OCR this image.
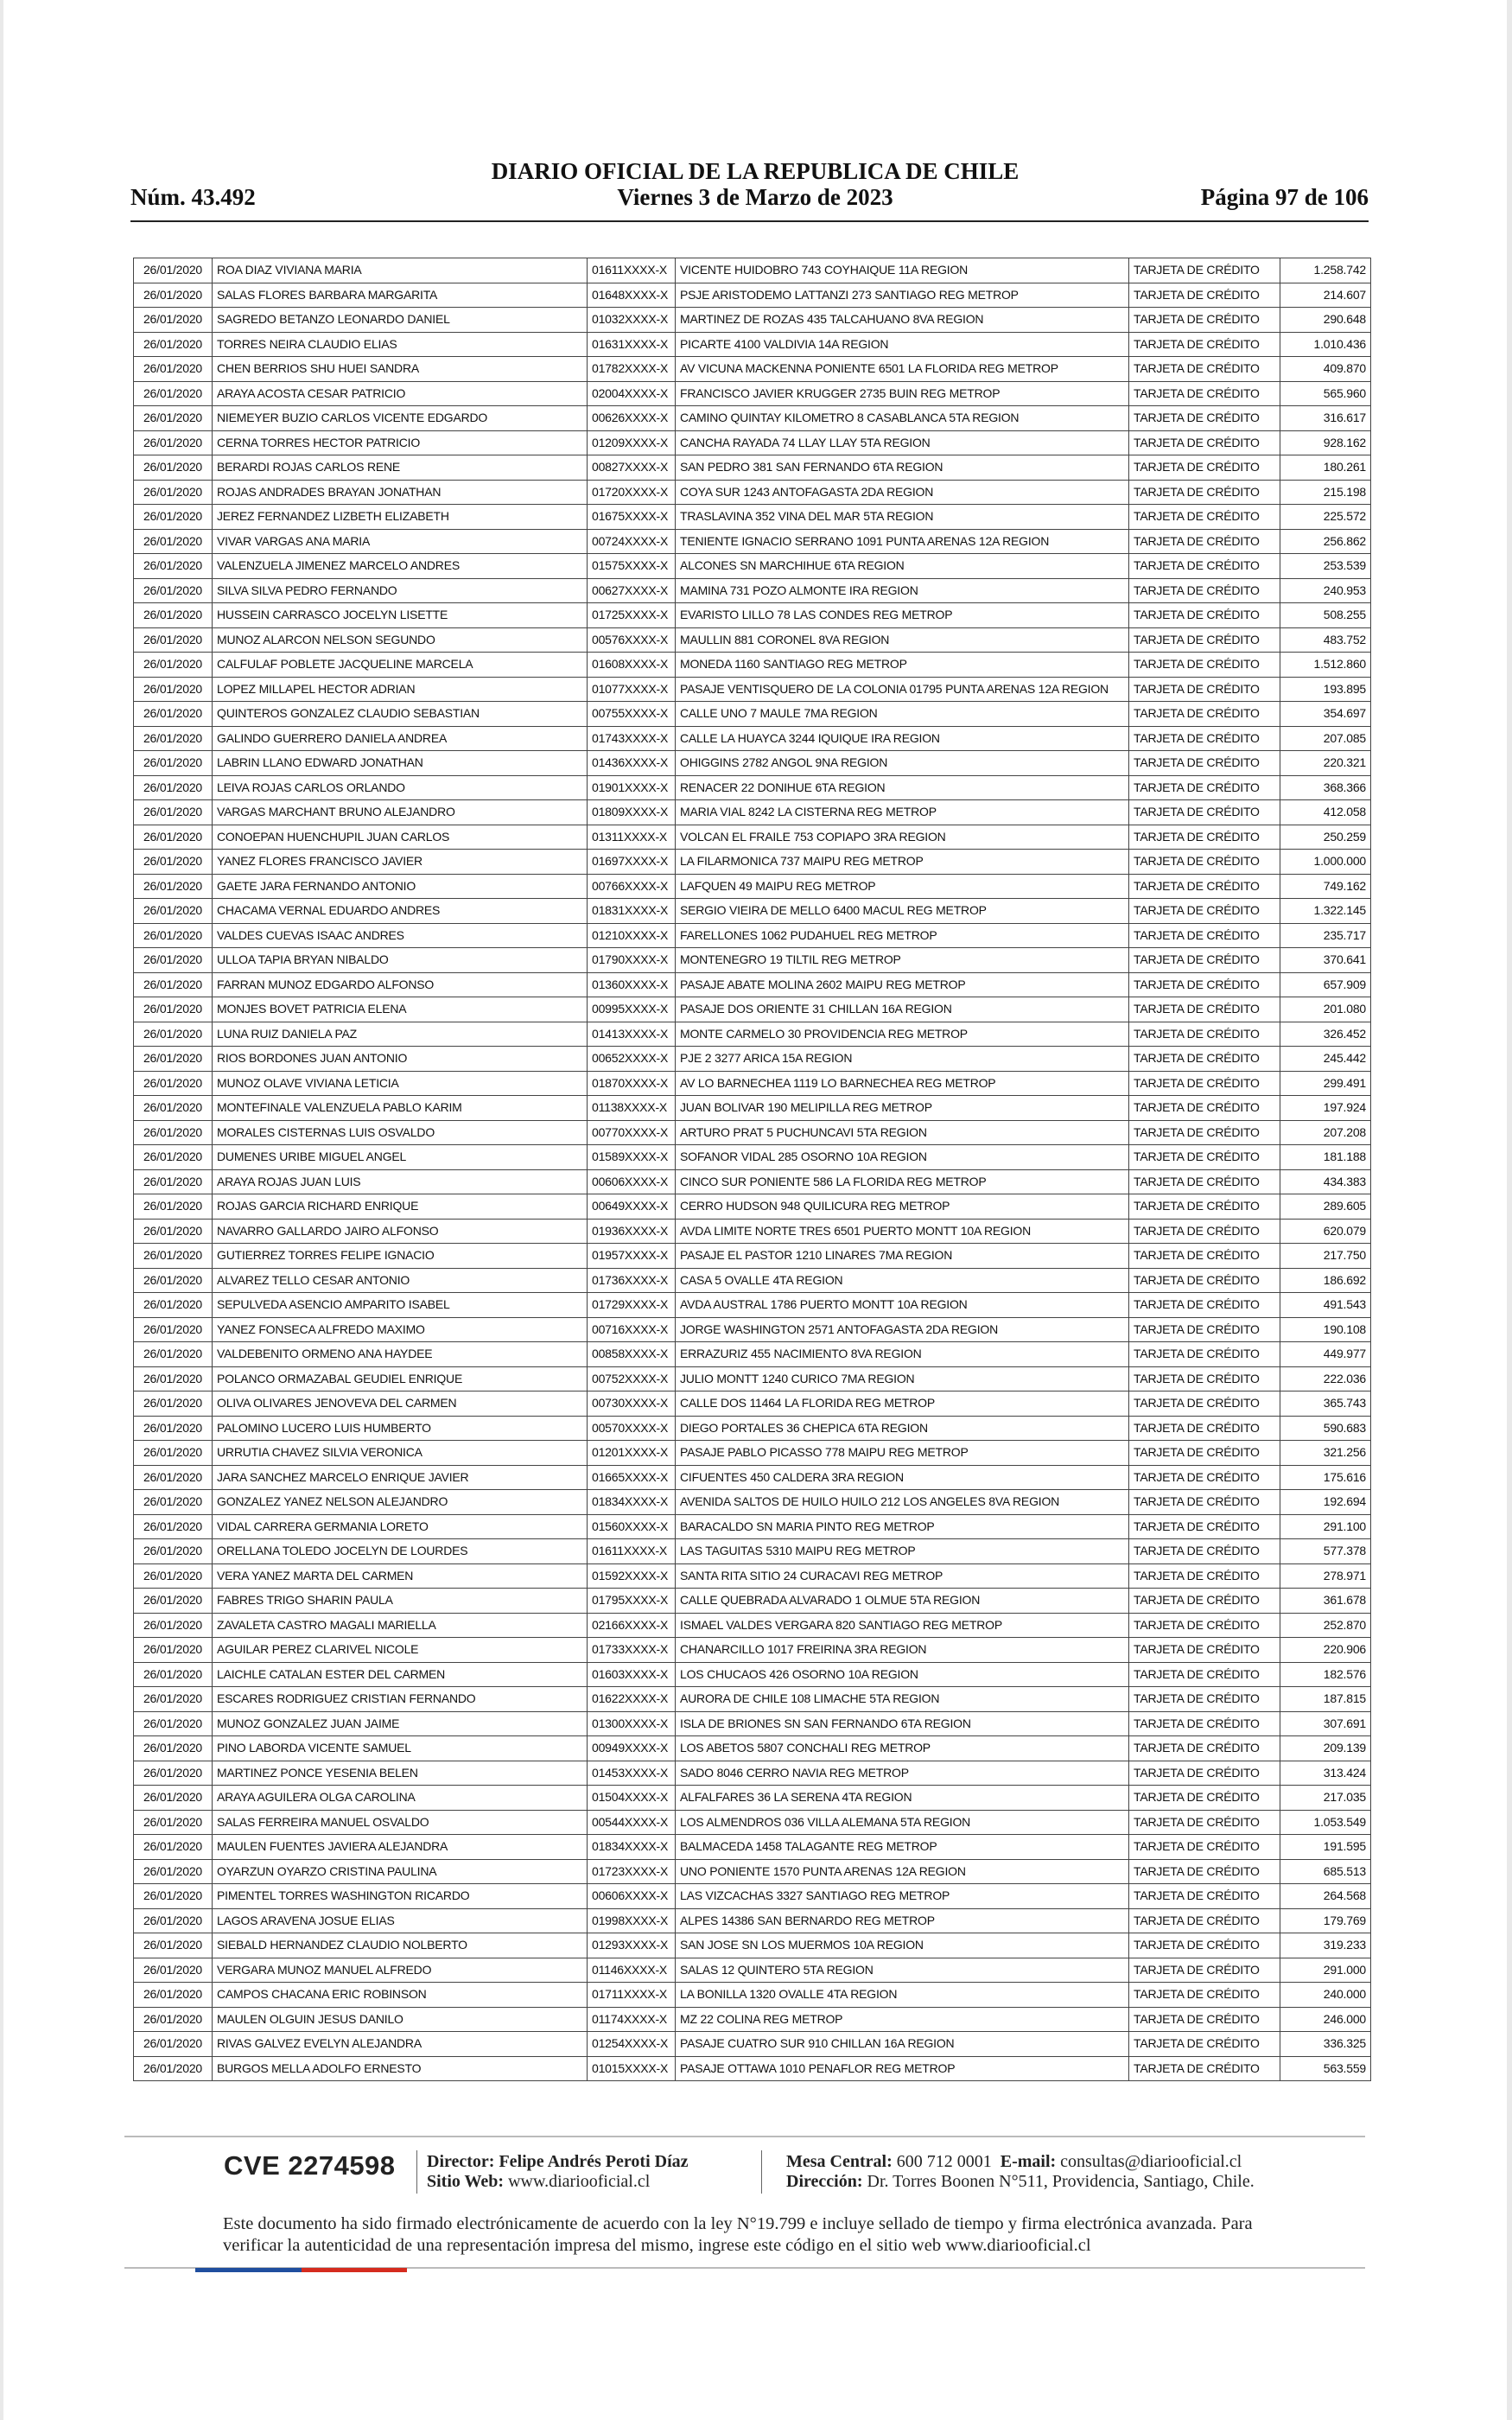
DIARIO OFICIAL DE LA REPUBLICA DE CHILE
Núm. 43.492	Viernes 3 de Marzo de 2023	Página 97 de 106
26/01/2020	ROA DIAZ VIVIANA MARIA	01611XXXX-X	VICENTE HUIDOBRO 743 COYHAIQUE 11A REGION	TARJETA DE CRÉDITO	1.258.742
26/01/2020	SALAS FLORES BARBARA MARGARITA	01648XXXX-X	PSJE ARISTODEMO LATTANZI 273 SANTIAGO REG METROP	TARJETA DE CRÉDITO	214.607
26/01/2020	SAGREDO BETANZO LEONARDO DANIEL	01032XXXX-X	MARTINEZ DE ROZAS 435 TALCAHUANO 8VA REGION	TARJETA DE CRÉDITO	290.648
26/01/2020	TORRES NEIRA CLAUDIO ELIAS	01631XXXX-X	PICARTE 4100 VALDIVIA 14A REGION	TARJETA DE CRÉDITO	1.010.436
26/01/2020	CHEN BERRIOS SHU HUEI SANDRA	01782XXXX-X	AV VICUNA MACKENNA PONIENTE 6501 LA FLORIDA REG METROP	TARJETA DE CRÉDITO	409.870
26/01/2020	ARAYA ACOSTA CESAR PATRICIO	02004XXXX-X	FRANCISCO JAVIER KRUGGER 2735 BUIN REG METROP	TARJETA DE CRÉDITO	565.960
26/01/2020	NIEMEYER BUZIO CARLOS VICENTE EDGARDO	00626XXXX-X	CAMINO QUINTAY KILOMETRO 8 CASABLANCA 5TA REGION	TARJETA DE CRÉDITO	316.617
26/01/2020	CERNA TORRES HECTOR PATRICIO	01209XXXX-X	CANCHA RAYADA 74 LLAY LLAY 5TA REGION	TARJETA DE CRÉDITO	928.162
26/01/2020	BERARDI ROJAS CARLOS RENE	00827XXXX-X	SAN PEDRO 381 SAN FERNANDO 6TA REGION	TARJETA DE CRÉDITO	180.261
26/01/2020	ROJAS ANDRADES BRAYAN JONATHAN	01720XXXX-X	COYA SUR 1243 ANTOFAGASTA 2DA REGION	TARJETA DE CRÉDITO	215.198
26/01/2020	JEREZ FERNANDEZ LIZBETH ELIZABETH	01675XXXX-X	TRASLAVINA 352 VINA DEL MAR 5TA REGION	TARJETA DE CRÉDITO	225.572
26/01/2020	VIVAR VARGAS ANA MARIA	00724XXXX-X	TENIENTE IGNACIO SERRANO 1091 PUNTA ARENAS 12A REGION	TARJETA DE CRÉDITO	256.862
26/01/2020	VALENZUELA JIMENEZ MARCELO ANDRES	01575XXXX-X	ALCONES SN MARCHIHUE 6TA REGION	TARJETA DE CRÉDITO	253.539
26/01/2020	SILVA SILVA PEDRO FERNANDO	00627XXXX-X	MAMINA 731 POZO ALMONTE IRA REGION	TARJETA DE CRÉDITO	240.953
26/01/2020	HUSSEIN CARRASCO JOCELYN LISETTE	01725XXXX-X	EVARISTO LILLO 78 LAS CONDES REG METROP	TARJETA DE CRÉDITO	508.255
26/01/2020	MUNOZ ALARCON NELSON SEGUNDO	00576XXXX-X	MAULLIN 881 CORONEL 8VA REGION	TARJETA DE CRÉDITO	483.752
26/01/2020	CALFULAF POBLETE JACQUELINE MARCELA	01608XXXX-X	MONEDA 1160 SANTIAGO REG METROP	TARJETA DE CRÉDITO	1.512.860
26/01/2020	LOPEZ MILLAPEL HECTOR ADRIAN	01077XXXX-X	PASAJE VENTISQUERO DE LA COLONIA 01795 PUNTA ARENAS 12A REGION	TARJETA DE CRÉDITO	193.895
26/01/2020	QUINTEROS GONZALEZ CLAUDIO SEBASTIAN	00755XXXX-X	CALLE UNO 7 MAULE 7MA REGION	TARJETA DE CRÉDITO	354.697
26/01/2020	GALINDO GUERRERO DANIELA ANDREA	01743XXXX-X	CALLE LA HUAYCA 3244 IQUIQUE IRA REGION	TARJETA DE CRÉDITO	207.085
26/01/2020	LABRIN LLANO EDWARD JONATHAN	01436XXXX-X	OHIGGINS 2782 ANGOL 9NA REGION	TARJETA DE CRÉDITO	220.321
26/01/2020	LEIVA ROJAS CARLOS ORLANDO	01901XXXX-X	RENACER 22 DONIHUE 6TA REGION	TARJETA DE CRÉDITO	368.366
26/01/2020	VARGAS MARCHANT BRUNO ALEJANDRO	01809XXXX-X	MARIA VIAL 8242 LA CISTERNA REG METROP	TARJETA DE CRÉDITO	412.058
26/01/2020	CONOEPAN HUENCHUPIL JUAN CARLOS	01311XXXX-X	VOLCAN EL FRAILE 753 COPIAPO 3RA REGION	TARJETA DE CRÉDITO	250.259
26/01/2020	YANEZ FLORES FRANCISCO JAVIER	01697XXXX-X	LA FILARMONICA 737 MAIPU REG METROP	TARJETA DE CRÉDITO	1.000.000
26/01/2020	GAETE JARA FERNANDO ANTONIO	00766XXXX-X	LAFQUEN 49 MAIPU REG METROP	TARJETA DE CRÉDITO	749.162
26/01/2020	CHACAMA VERNAL EDUARDO ANDRES	01831XXXX-X	SERGIO VIEIRA DE MELLO 6400 MACUL REG METROP	TARJETA DE CRÉDITO	1.322.145
26/01/2020	VALDES CUEVAS ISAAC ANDRES	01210XXXX-X	FARELLONES 1062 PUDAHUEL REG METROP	TARJETA DE CRÉDITO	235.717
26/01/2020	ULLOA TAPIA BRYAN NIBALDO	01790XXXX-X	MONTENEGRO 19 TILTIL REG METROP	TARJETA DE CRÉDITO	370.641
26/01/2020	FARRAN MUNOZ EDGARDO ALFONSO	01360XXXX-X	PASAJE ABATE MOLINA 2602 MAIPU REG METROP	TARJETA DE CRÉDITO	657.909
26/01/2020	MONJES BOVET PATRICIA ELENA	00995XXXX-X	PASAJE DOS ORIENTE 31 CHILLAN 16A REGION	TARJETA DE CRÉDITO	201.080
26/01/2020	LUNA RUIZ DANIELA PAZ	01413XXXX-X	MONTE CARMELO 30 PROVIDENCIA REG METROP	TARJETA DE CRÉDITO	326.452
26/01/2020	RIOS BORDONES JUAN ANTONIO	00652XXXX-X	PJE 2 3277 ARICA 15A REGION	TARJETA DE CRÉDITO	245.442
26/01/2020	MUNOZ OLAVE VIVIANA LETICIA	01870XXXX-X	AV LO BARNECHEA 1119 LO BARNECHEA REG METROP	TARJETA DE CRÉDITO	299.491
26/01/2020	MONTEFINALE VALENZUELA PABLO KARIM	01138XXXX-X	JUAN BOLIVAR 190 MELIPILLA REG METROP	TARJETA DE CRÉDITO	197.924
26/01/2020	MORALES CISTERNAS LUIS OSVALDO	00770XXXX-X	ARTURO PRAT 5 PUCHUNCAVI 5TA REGION	TARJETA DE CRÉDITO	207.208
26/01/2020	DUMENES URIBE MIGUEL ANGEL	01589XXXX-X	SOFANOR VIDAL 285 OSORNO 10A REGION	TARJETA DE CRÉDITO	181.188
26/01/2020	ARAYA ROJAS JUAN LUIS	00606XXXX-X	CINCO SUR PONIENTE 586 LA FLORIDA REG METROP	TARJETA DE CRÉDITO	434.383
26/01/2020	ROJAS GARCIA RICHARD ENRIQUE	00649XXXX-X	CERRO HUDSON 948 QUILICURA REG METROP	TARJETA DE CRÉDITO	289.605
26/01/2020	NAVARRO GALLARDO JAIRO ALFONSO	01936XXXX-X	AVDA LIMITE NORTE TRES 6501 PUERTO MONTT 10A REGION	TARJETA DE CRÉDITO	620.079
26/01/2020	GUTIERREZ TORRES FELIPE IGNACIO	01957XXXX-X	PASAJE EL PASTOR 1210 LINARES 7MA REGION	TARJETA DE CRÉDITO	217.750
26/01/2020	ALVAREZ TELLO CESAR ANTONIO	01736XXXX-X	CASA 5 OVALLE 4TA REGION	TARJETA DE CRÉDITO	186.692
26/01/2020	SEPULVEDA ASENCIO AMPARITO ISABEL	01729XXXX-X	AVDA AUSTRAL 1786 PUERTO MONTT 10A REGION	TARJETA DE CRÉDITO	491.543
26/01/2020	YANEZ FONSECA ALFREDO MAXIMO	00716XXXX-X	JORGE WASHINGTON 2571 ANTOFAGASTA 2DA REGION	TARJETA DE CRÉDITO	190.108
26/01/2020	VALDEBENITO ORMENO ANA HAYDEE	00858XXXX-X	ERRAZURIZ 455 NACIMIENTO 8VA REGION	TARJETA DE CRÉDITO	449.977
26/01/2020	POLANCO ORMAZABAL GEUDIEL ENRIQUE	00752XXXX-X	JULIO MONTT 1240 CURICO 7MA REGION	TARJETA DE CRÉDITO	222.036
26/01/2020	OLIVA OLIVARES JENOVEVA DEL CARMEN	00730XXXX-X	CALLE DOS 11464 LA FLORIDA REG METROP	TARJETA DE CRÉDITO	365.743
26/01/2020	PALOMINO LUCERO LUIS HUMBERTO	00570XXXX-X	DIEGO PORTALES 36 CHEPICA 6TA REGION	TARJETA DE CRÉDITO	590.683
26/01/2020	URRUTIA CHAVEZ SILVIA VERONICA	01201XXXX-X	PASAJE PABLO PICASSO 778 MAIPU REG METROP	TARJETA DE CRÉDITO	321.256
26/01/2020	JARA SANCHEZ MARCELO ENRIQUE JAVIER	01665XXXX-X	CIFUENTES 450 CALDERA 3RA REGION	TARJETA DE CRÉDITO	175.616
26/01/2020	GONZALEZ YANEZ NELSON ALEJANDRO	01834XXXX-X	AVENIDA SALTOS DE HUILO HUILO 212 LOS ANGELES 8VA REGION	TARJETA DE CRÉDITO	192.694
26/01/2020	VIDAL CARRERA GERMANIA LORETO	01560XXXX-X	BARACALDO SN MARIA PINTO REG METROP	TARJETA DE CRÉDITO	291.100
26/01/2020	ORELLANA TOLEDO JOCELYN DE LOURDES	01611XXXX-X	LAS TAGUITAS 5310 MAIPU REG METROP	TARJETA DE CRÉDITO	577.378
26/01/2020	VERA YANEZ MARTA DEL CARMEN	01592XXXX-X	SANTA RITA SITIO 24 CURACAVI REG METROP	TARJETA DE CRÉDITO	278.971
26/01/2020	FABRES TRIGO SHARIN PAULA	01795XXXX-X	CALLE QUEBRADA ALVARADO 1 OLMUE 5TA REGION	TARJETA DE CRÉDITO	361.678
26/01/2020	ZAVALETA CASTRO MAGALI MARIELLA	02166XXXX-X	ISMAEL VALDES VERGARA 820 SANTIAGO REG METROP	TARJETA DE CRÉDITO	252.870
26/01/2020	AGUILAR PEREZ CLARIVEL NICOLE	01733XXXX-X	CHANARCILLO 1017 FREIRINA 3RA REGION	TARJETA DE CRÉDITO	220.906
26/01/2020	LAICHLE CATALAN ESTER DEL CARMEN	01603XXXX-X	LOS CHUCAOS 426 OSORNO 10A REGION	TARJETA DE CRÉDITO	182.576
26/01/2020	ESCARES RODRIGUEZ CRISTIAN FERNANDO	01622XXXX-X	AURORA DE CHILE 108 LIMACHE 5TA REGION	TARJETA DE CRÉDITO	187.815
26/01/2020	MUNOZ GONZALEZ JUAN JAIME	01300XXXX-X	ISLA DE BRIONES SN SAN FERNANDO 6TA REGION	TARJETA DE CRÉDITO	307.691
26/01/2020	PINO LABORDA VICENTE SAMUEL	00949XXXX-X	LOS ABETOS 5807 CONCHALI REG METROP	TARJETA DE CRÉDITO	209.139
26/01/2020	MARTINEZ PONCE YESENIA BELEN	01453XXXX-X	SADO 8046 CERRO NAVIA REG METROP	TARJETA DE CRÉDITO	313.424
26/01/2020	ARAYA AGUILERA OLGA CAROLINA	01504XXXX-X	ALFALFARES 36 LA SERENA 4TA REGION	TARJETA DE CRÉDITO	217.035
26/01/2020	SALAS FERREIRA MANUEL OSVALDO	00544XXXX-X	LOS ALMENDROS 036 VILLA ALEMANA 5TA REGION	TARJETA DE CRÉDITO	1.053.549
26/01/2020	MAULEN FUENTES JAVIERA ALEJANDRA	01834XXXX-X	BALMACEDA 1458 TALAGANTE REG METROP	TARJETA DE CRÉDITO	191.595
26/01/2020	OYARZUN OYARZO CRISTINA PAULINA	01723XXXX-X	UNO PONIENTE 1570 PUNTA ARENAS 12A REGION	TARJETA DE CRÉDITO	685.513
26/01/2020	PIMENTEL TORRES WASHINGTON RICARDO	00606XXXX-X	LAS VIZCACHAS 3327 SANTIAGO REG METROP	TARJETA DE CRÉDITO	264.568
26/01/2020	LAGOS ARAVENA JOSUE ELIAS	01998XXXX-X	ALPES 14386 SAN BERNARDO REG METROP	TARJETA DE CRÉDITO	179.769
26/01/2020	SIEBALD HERNANDEZ CLAUDIO NOLBERTO	01293XXXX-X	SAN JOSE SN LOS MUERMOS 10A REGION	TARJETA DE CRÉDITO	319.233
26/01/2020	VERGARA MUNOZ MANUEL ALFREDO	01146XXXX-X	SALAS 12 QUINTERO 5TA REGION	TARJETA DE CRÉDITO	291.000
26/01/2020	CAMPOS CHACANA ERIC ROBINSON	01711XXXX-X	LA BONILLA 1320 OVALLE 4TA REGION	TARJETA DE CRÉDITO	240.000
26/01/2020	MAULEN OLGUIN JESUS DANILO	01174XXXX-X	MZ 22 COLINA REG METROP	TARJETA DE CRÉDITO	246.000
26/01/2020	RIVAS GALVEZ EVELYN ALEJANDRA	01254XXXX-X	PASAJE CUATRO SUR 910 CHILLAN 16A REGION	TARJETA DE CRÉDITO	336.325
26/01/2020	BURGOS MELLA ADOLFO ERNESTO	01015XXXX-X	PASAJE OTTAWA 1010 PENAFLOR REG METROP	TARJETA DE CRÉDITO	563.559
CVE 2274598 Director: Felipe Andrés Peroti Díaz
Sitio Web: www.diariooficial.cl
Mesa Central: 600 712 0001 E-mail: consultas@diariooficial.cl
Dirección: Dr. Torres Boonen N°511, Providencia, Santiago, Chile.
Este documento ha sido firmado electrónicamente de acuerdo con la ley N°19.799 e incluye sellado de tiempo y firma electrónica avanzada. Para verificar la autenticidad de una representación impresa del mismo, ingrese este código en el sitio web www.diariooficial.cl
